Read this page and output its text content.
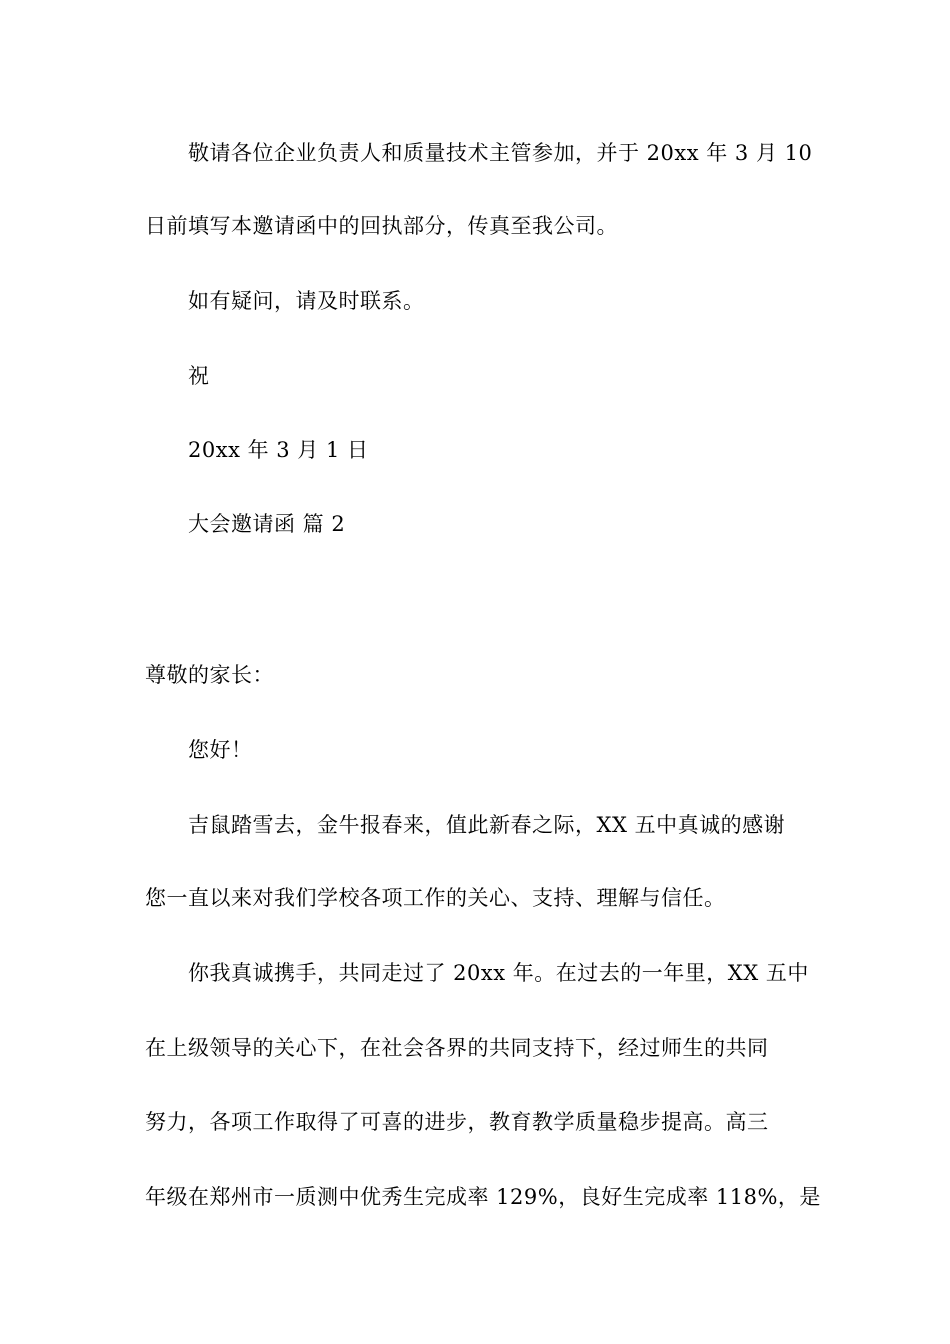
敬请各位企业负责人和质量技术主管参加，并于 20xx 年 3 月 10
日前填写本邀请函中的回执部分，传真至我公司。
如有疑问，请及时联系。
祝
20xx 年 3 月 1 日
大会邀请函 篇 2
尊敬的家长：
您好！
吉鼠踏雪去，金牛报春来，值此新春之际，XX 五中真诚的感谢
您一直以来对我们学校各项工作的关心、支持、理解与信任。
你我真诚携手，共同走过了 20xx 年。在过去的一年里，XX 五中
在上级领导的关心下，在社会各界的共同支持下，经过师生的共同
努力，各项工作取得了可喜的进步，教育教学质量稳步提高。高三
年级在郑州市一质测中优秀生完成率 129%，良好生完成率 118%，是
